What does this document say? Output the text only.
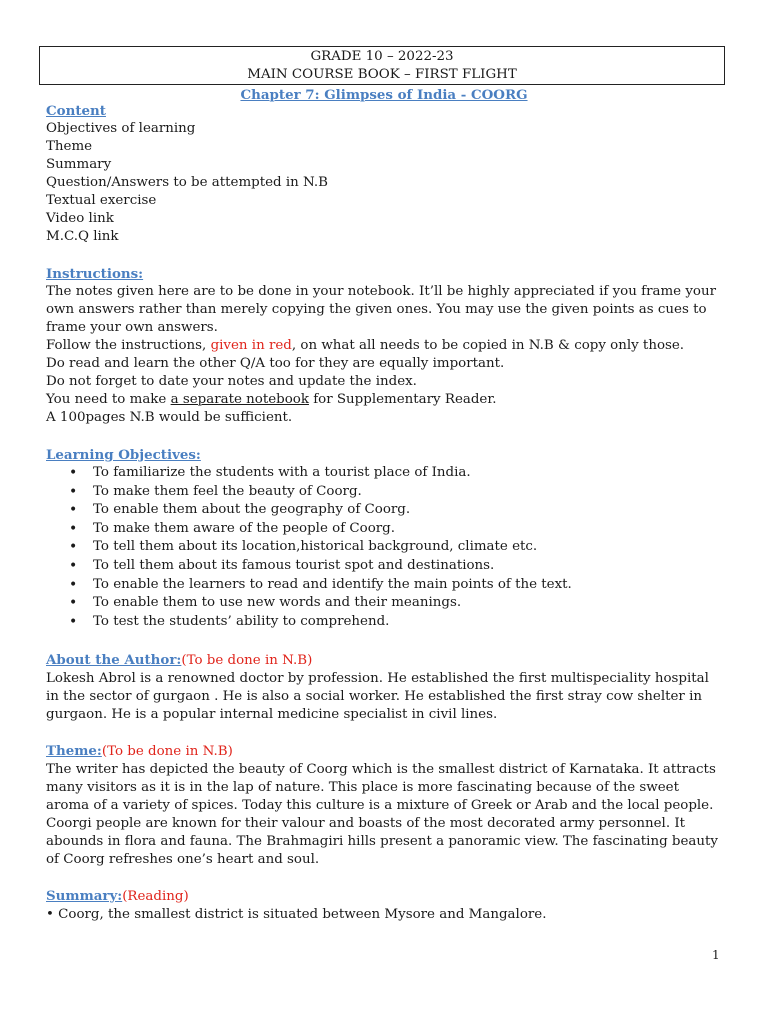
GRADE 10 – 2022-23
MAIN COURSE BOOK – FIRST FLIGHT
Chapter 7: Glimpses of India - COORG
Content
Objectives of learning
Theme
Summary
Question/Answers to be attempted in N.B
Textual exercise
Video link
M.C.Q link
Instructions:
The notes given here are to be done in your notebook. It’ll be highly appreciated if you frame your own answers rather than merely copying the given ones. You may use the given points as cues to frame your own answers.
Follow the instructions, given in red, on what all needs to be copied in N.B & copy only those.
Do read and learn the other Q/A too for they are equally important.
Do not forget to date your notes and update the index.
You need to make a separate notebook for Supplementary Reader.
A 100pages N.B would be sufficient.
Learning Objectives:
• To familiarize the students with a tourist place of India.
• To make them feel the beauty of Coorg.
• To enable them about the geography of Coorg.
• To make them aware of the people of Coorg.
• To tell them about its location,historical background, climate etc.
• To tell them about its famous tourist spot and destinations.
• To enable the learners to read and identify the main points of the text.
• To enable them to use new words and their meanings.
• To test the students’ ability to comprehend.
About the Author:(To be done in N.B)
Lokesh Abrol is a renowned doctor by profession. He established the first multispeciality hospital in the sector of gurgaon . He is also a social worker. He established the first stray cow shelter in gurgaon. He is a popular internal medicine specialist in civil lines.
Theme:(To be done in N.B)
The writer has depicted the beauty of Coorg which is the smallest district of Karnataka. It attracts many visitors as it is in the lap of nature. This place is more fascinating because of the sweet aroma of a variety of spices. Today this culture is a mixture of Greek or Arab and the local people. Coorgi people are known for their valour and boasts of the most decorated army personnel. It abounds in flora and fauna. The Brahmagiri hills present a panoramic view. The fascinating beauty of Coorg refreshes one’s heart and soul.
Summary:(Reading)
• Coorg, the smallest district is situated between Mysore and Mangalore.
1
